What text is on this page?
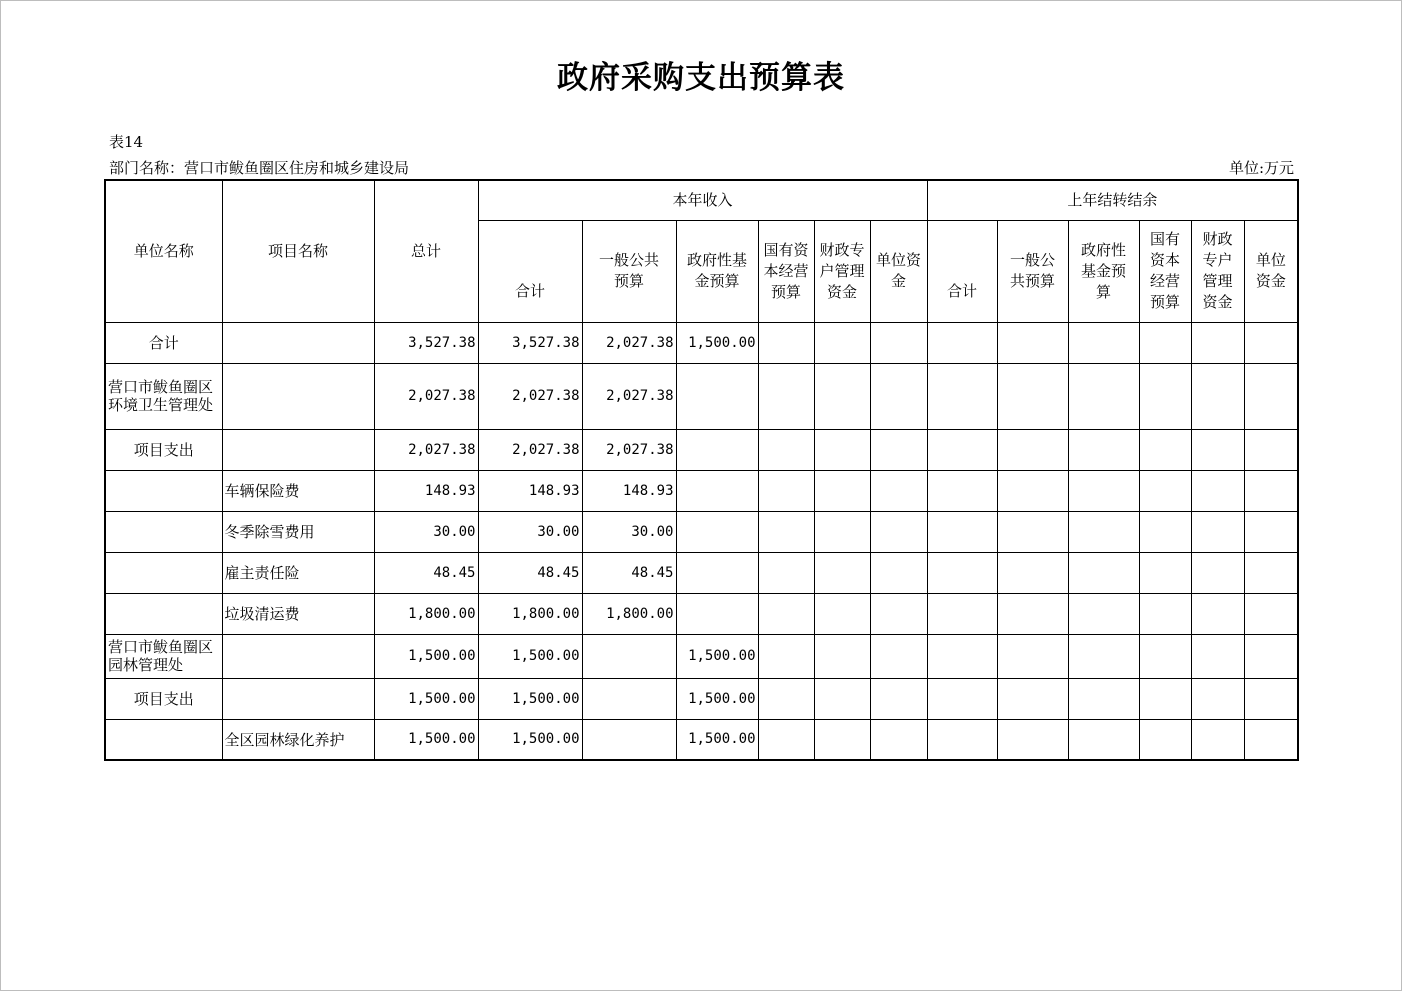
政府采购支出预算表
表14
部门名称：营口市鲅鱼圈区住房和城乡建设局	单位:万元
单位名称	项目名称	总计	本年收入						上年结转结余					
			合计	一般公共预算	政府性基金预算	国有资本经营预算	财政专户管理资金	单位资金	合计	一般公共预算	政府性基金预算	国有资本经营预算	财政专户管理资金	单位资金
合计		3,527.38	3,527.38	2,027.38	1,500.00									
营口市鲅鱼圈区环境卫生管理处		2,027.38	2,027.38	2,027.38										
项目支出		2,027.38	2,027.38	2,027.38										
	车辆保险费	148.93	148.93	148.93										
	冬季除雪费用	30.00	30.00	30.00										
	雇主责任险	48.45	48.45	48.45										
	垃圾清运费	1,800.00	1,800.00	1,800.00										
营口市鲅鱼圈区园林管理处		1,500.00	1,500.00		1,500.00									
项目支出		1,500.00	1,500.00		1,500.00									
	全区园林绿化养护	1,500.00	1,500.00		1,500.00									
